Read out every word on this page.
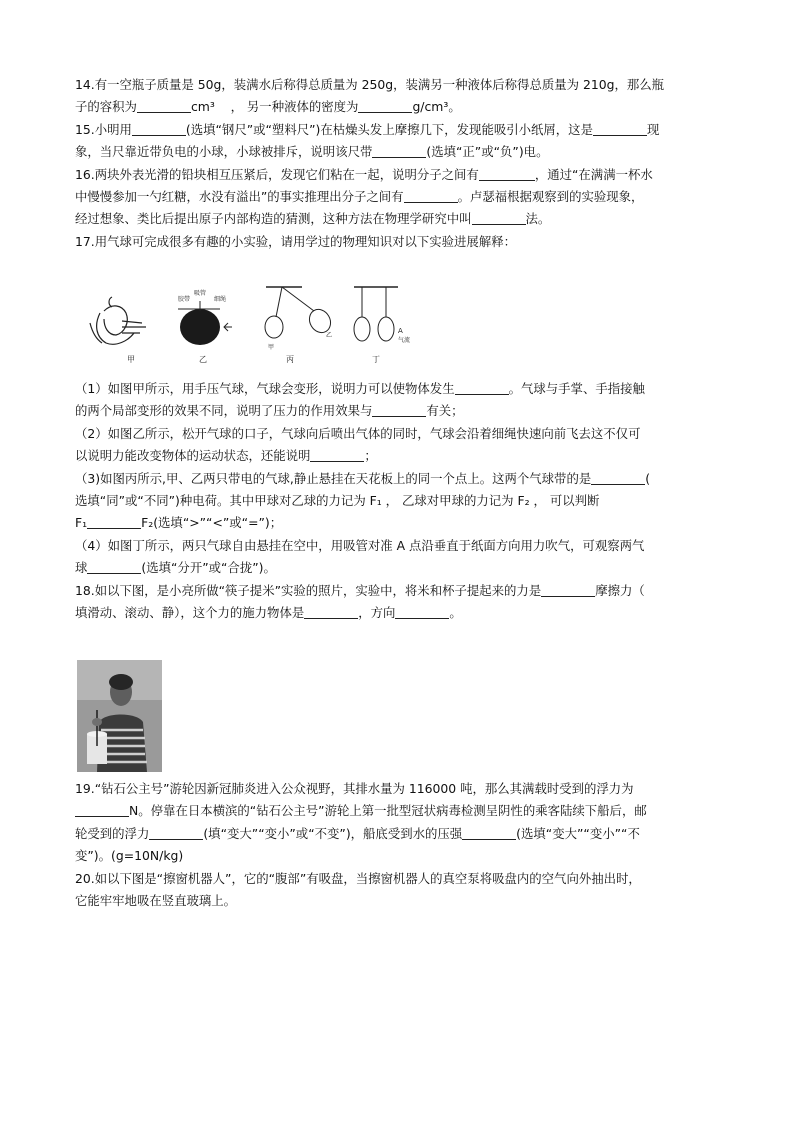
14.有一空瓶子质量是 50g，装满水后称得总质量为 250g，装满另一种液体后称得总质量为 210g，那么瓶

子的容积为	cm³ ， 另一种液体的密度为	g/cm³。

15.小明用	(选填“钢尺”或“塑料尺”)在枯燥头发上摩擦几下，发现能吸引小纸屑，这是	现

象，当尺靠近带负电的小球，小球被排斥，说明该尺带	(选填“正”或“负”)电。

16.两块外表光滑的铅块相互压紧后，发现它们粘在一起，说明分子之间有	，通过“在满满一杯水

中慢慢参加一勺红糖，水没有溢出”的事实推理出分子之间有	。卢瑟福根据观察到的实验现象，

经过想象、类比后提出原子内部构造的猜测，这种方法在物理学研究中叫	法。

17.用气球可完成很多有趣的小实验，请用学过的物理知识对以下实验进展解释：

甲
胶带
吸管
细绳
乙
甲
乙
丙
A
气流
丁

（1）如图甲所示，用手压气球，气球会变形，说明力可以使物体发生	。气球与手掌、手指接触

的两个局部变形的效果不同，说明了压力的作用效果与	有关；

（2）如图乙所示，松开气球的口子，气球向后喷出气体的同时，气球会沿着细绳快速向前飞去这不仅可

以说明力能改变物体的运动状态，还能说明	；

（3)如图丙所示,甲、乙两只带电的气球,静止悬挂在天花板上的同一个点上。这两个气球带的是	(

选填“同”或“不同”)种电荷。其中甲球对乙球的力记为 F₁ ， 乙球对甲球的力记为 F₂ ， 可以判断

F₁	F₂(选填“>”“<”或“=”)；

（4）如图丁所示，两只气球自由悬挂在空中，用吸管对准 A 点沿垂直于纸面方向用力吹气，可观察两气

球	(选填“分开”或“合拢”)。

18.如以下图，是小亮所做“筷子提米”实验的照片，实验中，将米和杯子提起来的力是	摩擦力（

填滑动、滚动、静），这个力的施力物体是	，方向	。

19.“钻石公主号”游轮因新冠肺炎进入公众视野，其排水量为 116000 吨，那么其满载时受到的浮力为

N。停靠在日本横滨的“钻石公主号”游轮上第一批型冠状病毒检测呈阴性的乘客陆续下船后，邮

轮受到的浮力	(填“变大”“变小”或“不变”)，船底受到水的压强	(选填“变大”“变小”“不

变”)。(g=10N/kg)

20.如以下图是“擦窗机器人”，它的“腹部”有吸盘，当擦窗机器人的真空泵将吸盘内的空气向外抽出时，

它能牢牢地吸在竖直玻璃上。
